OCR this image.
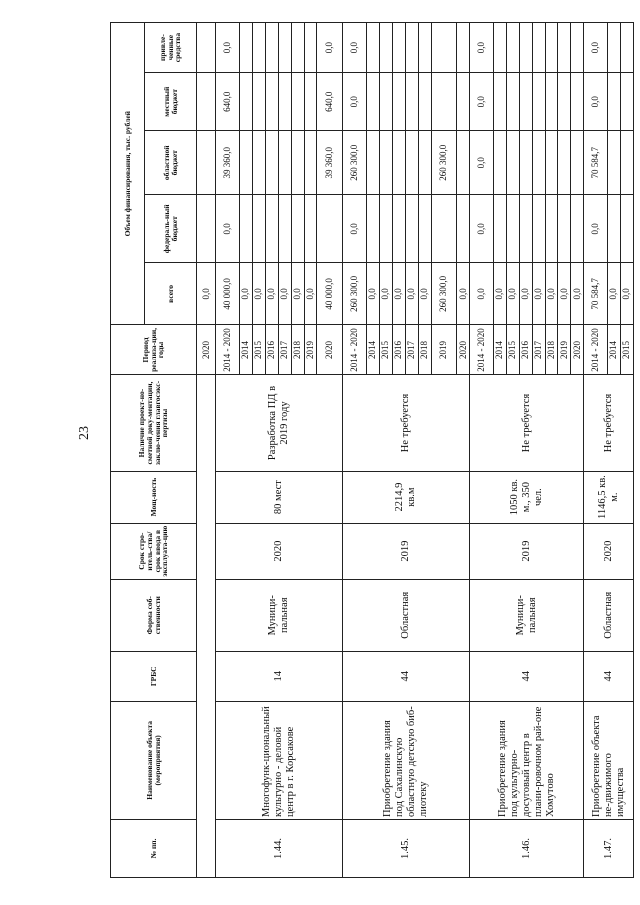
23
№ пп.	Наименование объекта (мероприятия)	ГРБС	Форма соб-ственности	Срок стро-итель-ства/срок ввода в эксплуата-цию	Мощ-ность	Наличие проект-но-сметной доку-ментации, заклю-чения главгосэкс-пертизы	Период реализа-ции, годы	Объем финансирования, тыс. рублей	
								всего	федераль-ный бюджет	областной бюджет	местный бюджет	привле-ченные средства	
							2020	0,0					
1.44.	Многофунк-циональный культурно - деловой центр в г. Корсакове	14	Муници-пальная	2020	80 мест	Разработка ПД в 2019 году	2014 - 2020	40 000,0	0,0	39 360,0	640,0	0,0	
							2014	0,0					
							2015	0,0					
							2016	0,0					
							2017	0,0					
							2018	0,0					
							2019	0,0					
							2020	40 000,0		39 360,0	640,0	0,0	
1.45.	Приобретение здания под Сахалинскую областную детскую биб-лиотеку	44	Областная	2019	2214,9 кв.м	Не требуется	2014 - 2020	260 300,0	0,0	260 300,0	0,0	0,0	
							2014	0,0					
							2015	0,0					
							2016	0,0					
							2017	0,0					
							2018	0,0					
							2019	260 300,0		260 300,0			
							2020	0,0					
1.46.	Приобретение здания под культурно-досуговый центр в плани-ровочном рай-оне Хомутово	44	Муници-пальная	2019	1050 кв. м., 350 чел.	Не требуется	2014 - 2020	0,0	0,0	0,0	0,0	0,0	
							2014	0,0					
							2015	0,0					
							2016	0,0					
							2017	0,0					
							2018	0,0					
							2019	0,0					
							2020	0,0					
1.47.	Приобретение объекта не-движимого имущества	44	Областная	2020	1146,5 кв. м.	Не требуется	2014 - 2020	70 584,7	0,0	70 584,7	0,0	0,0	
							2014	0,0					
							2015	0,0					
